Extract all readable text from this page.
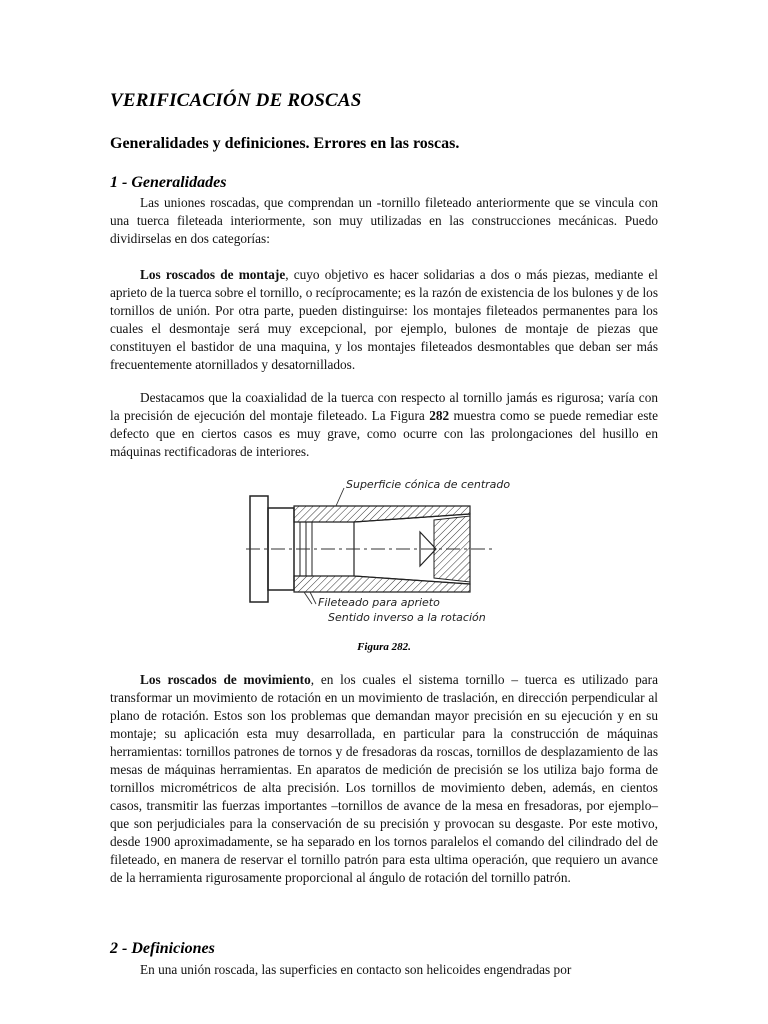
VERIFICACIÓN DE ROSCAS
Generalidades y definiciones. Errores en las roscas.
1 - Generalidades

Las uniones roscadas, que comprendan un -tornillo fileteado anteriormente que se vincula con una tuerca fileteada interiormente, son muy utilizadas en las construcciones mecánicas. Puedo dividirselas en dos categorías:

Los roscados de montaje, cuyo objetivo es hacer solidarias a dos o más piezas, mediante el aprieto de la tuerca sobre el tornillo, o recíprocamente; es la razón de existencia de los bulones y de los tornillos de unión. Por otra parte, pueden distinguirse: los montajes fileteados permanentes para los cuales el desmontaje será muy excepcional, por ejemplo, bulones de montaje de piezas que constituyen el bastidor de una maquina, y los montajes fileteados desmontables que deban ser más frecuentemente atornillados y desatornillados.

Destacamos que la coaxialidad de la tuerca con respecto al tornillo jamás es rigurosa; varía con la precisión de ejecución del montaje fileteado. La Figura 282 muestra como se puede remediar este defecto que en ciertos casos es muy grave, como ocurre con las prolongaciones del husillo en máquinas rectificadoras de interiores.

Superficie cónica de centrado
Fileteado para aprieto
Sentido inverso a la rotación
Figura 282.

Los roscados de movimiento, en los cuales el sistema tornillo – tuerca es utilizado para transformar un movimiento de rotación en un movimiento de traslación, en dirección perpendicular al plano de rotación. Estos son los problemas que demandan mayor precisión en su ejecución y en su montaje; su aplicación esta muy desarrollada, en particular para la construcción de máquinas herramientas: tornillos patrones de tornos y de fresadoras da roscas, tornillos de desplazamiento de las mesas de máquinas herramientas. En aparatos de medición de precisión se los utiliza bajo forma de tornillos micrométricos de alta precisión. Los tornillos de movimiento deben, además, en cientos casos, transmitir las fuerzas importantes –tornillos de avance de la mesa en fresadoras, por ejemplo– que son perjudiciales para la conservación de su precisión y provocan su desgaste. Por este motivo, desde 1900 aproximadamente, se ha separado en los tornos paralelos el comando del cilindrado del de fileteado, en manera de reservar el tornillo patrón para esta ultima operación, que requiero un avance de la herramienta rigurosamente proporcional al ángulo de rotación del tornillo patrón.

2 - Definiciones

En una unión roscada, las superficies en contacto son helicoides engendradas por
